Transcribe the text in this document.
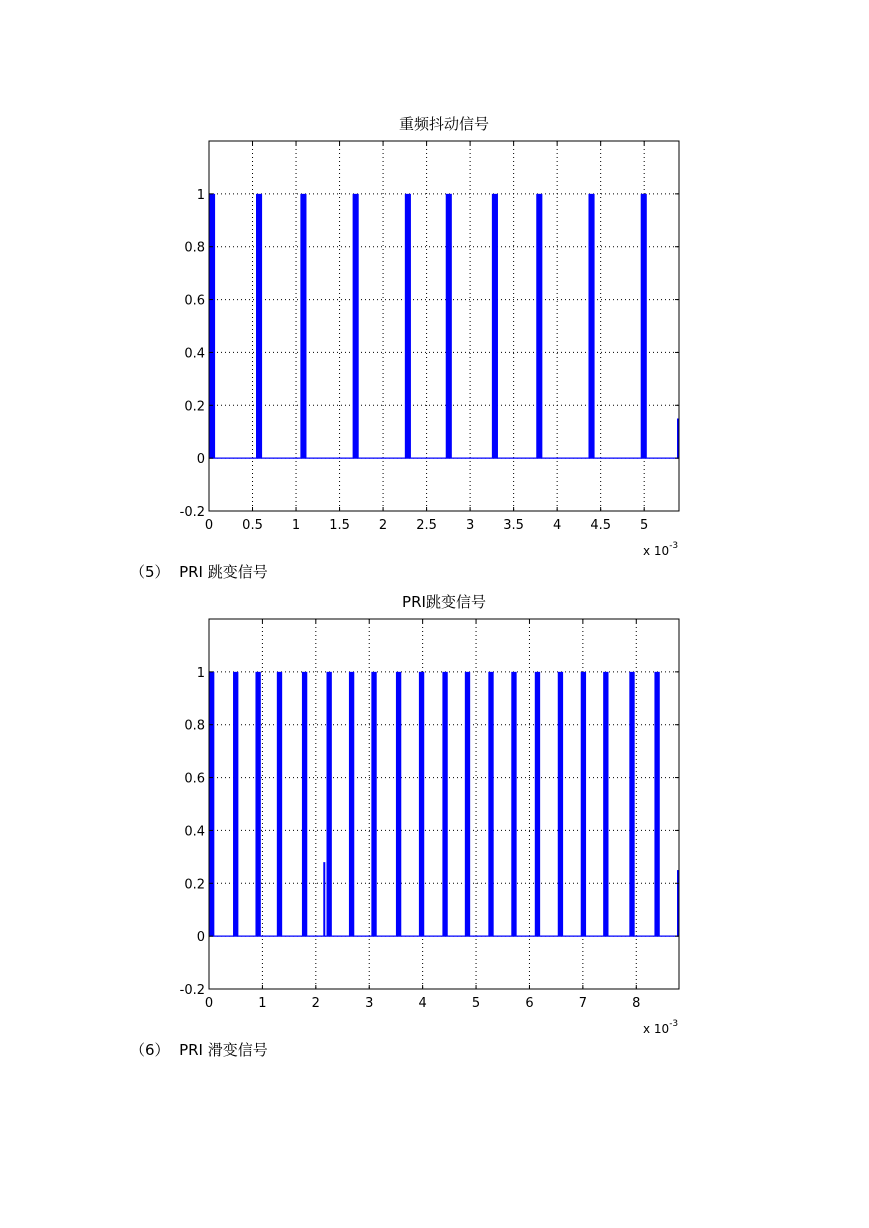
重频抖动信号
0 0.5 1 1.5 2 2.5 3 3.5 4 4.5 5
-0.2
0
0.2
0.4
0.6
0.8
1
x $10^{-3}$
（5） PRI 跳变信号
PRI跳变信号
0	1	2	3	4	5	6	7	8
-0.2
0
0.2
0.4
0.6
0.8
1
x $10^{-3}$
（6） PRI 滑变信号
